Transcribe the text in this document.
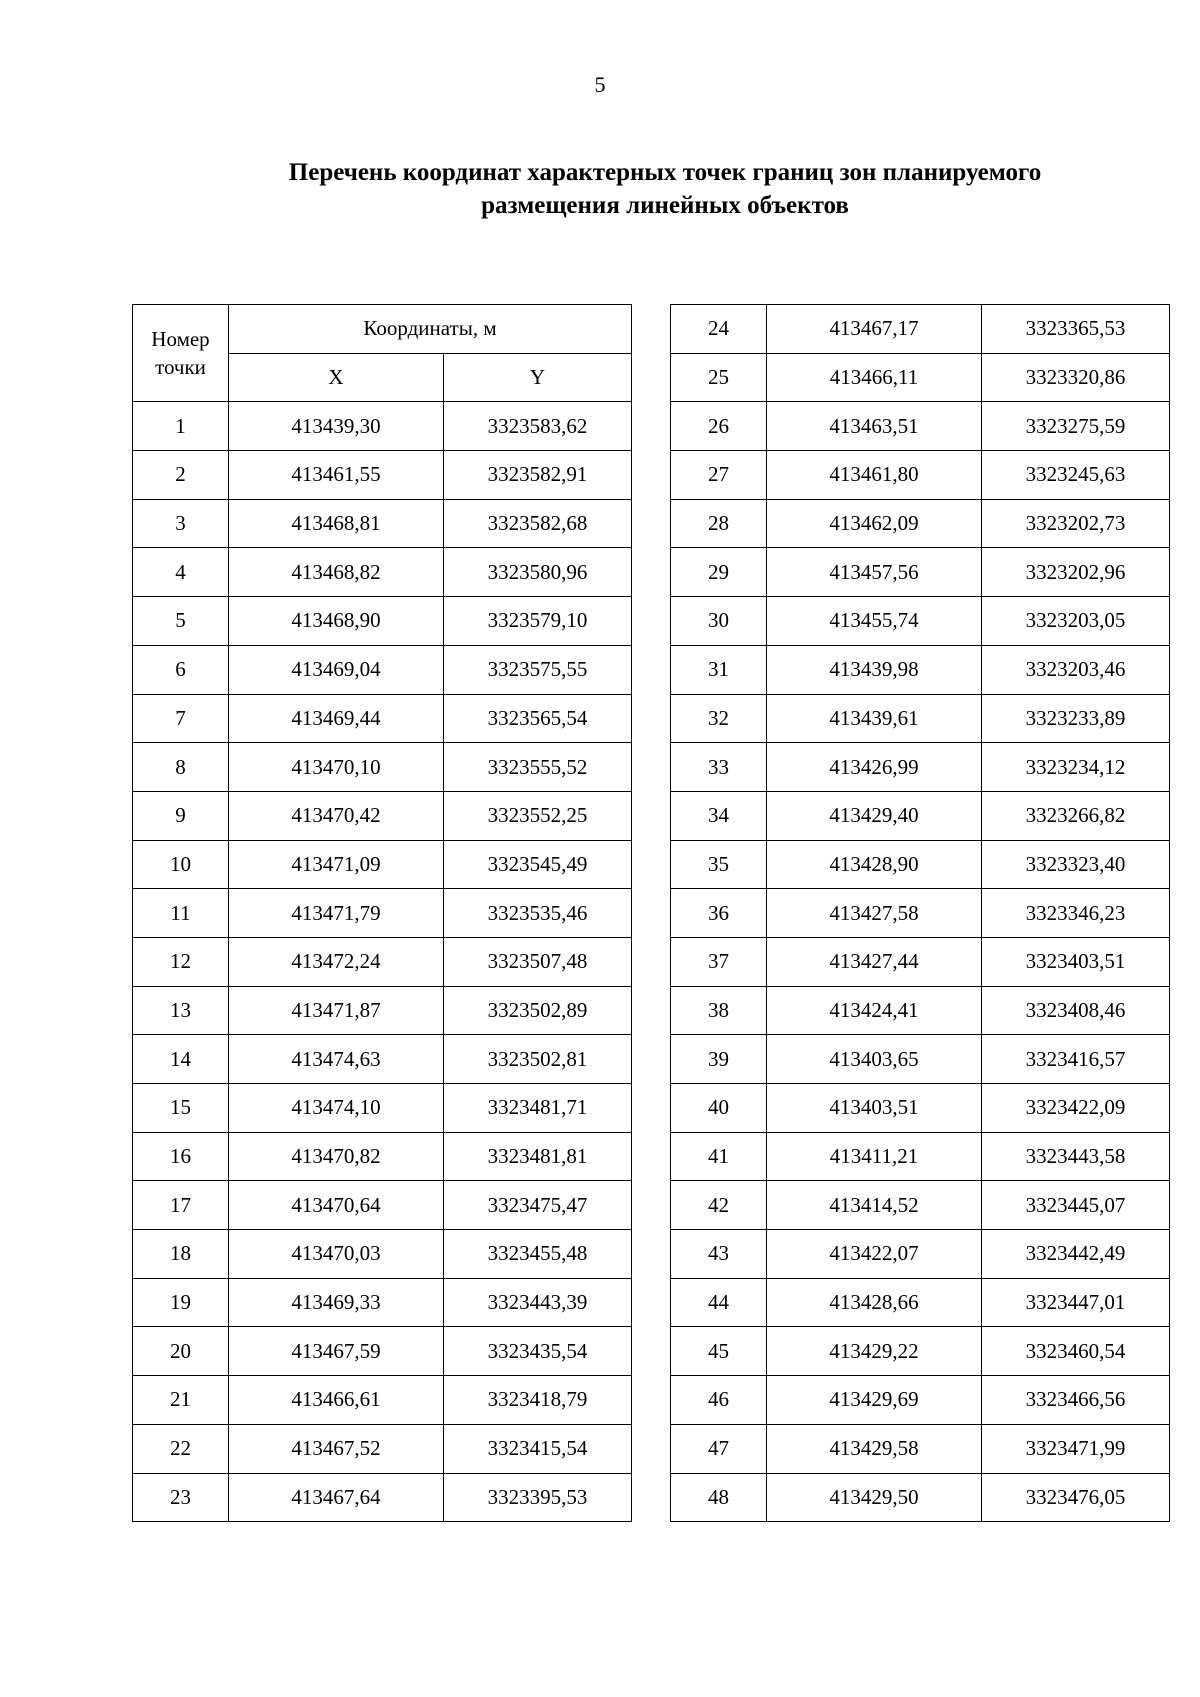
5
Перечень координат характерных точек границ зон планируемого
размещения линейных объектов
Номер
точки	Координаты, м	
	X	Y
1	413439,30	3323583,62
2	413461,55	3323582,91
3	413468,81	3323582,68
4	413468,82	3323580,96
5	413468,90	3323579,10
6	413469,04	3323575,55
7	413469,44	3323565,54
8	413470,10	3323555,52
9	413470,42	3323552,25
10	413471,09	3323545,49
11	413471,79	3323535,46
12	413472,24	3323507,48
13	413471,87	3323502,89
14	413474,63	3323502,81
15	413474,10	3323481,71
16	413470,82	3323481,81
17	413470,64	3323475,47
18	413470,03	3323455,48
19	413469,33	3323443,39
20	413467,59	3323435,54
21	413466,61	3323418,79
22	413467,52	3323415,54
23	413467,64	3323395,53
24	413467,17	3323365,53
25	413466,11	3323320,86
26	413463,51	3323275,59
27	413461,80	3323245,63
28	413462,09	3323202,73
29	413457,56	3323202,96
30	413455,74	3323203,05
31	413439,98	3323203,46
32	413439,61	3323233,89
33	413426,99	3323234,12
34	413429,40	3323266,82
35	413428,90	3323323,40
36	413427,58	3323346,23
37	413427,44	3323403,51
38	413424,41	3323408,46
39	413403,65	3323416,57
40	413403,51	3323422,09
41	413411,21	3323443,58
42	413414,52	3323445,07
43	413422,07	3323442,49
44	413428,66	3323447,01
45	413429,22	3323460,54
46	413429,69	3323466,56
47	413429,58	3323471,99
48	413429,50	3323476,05
